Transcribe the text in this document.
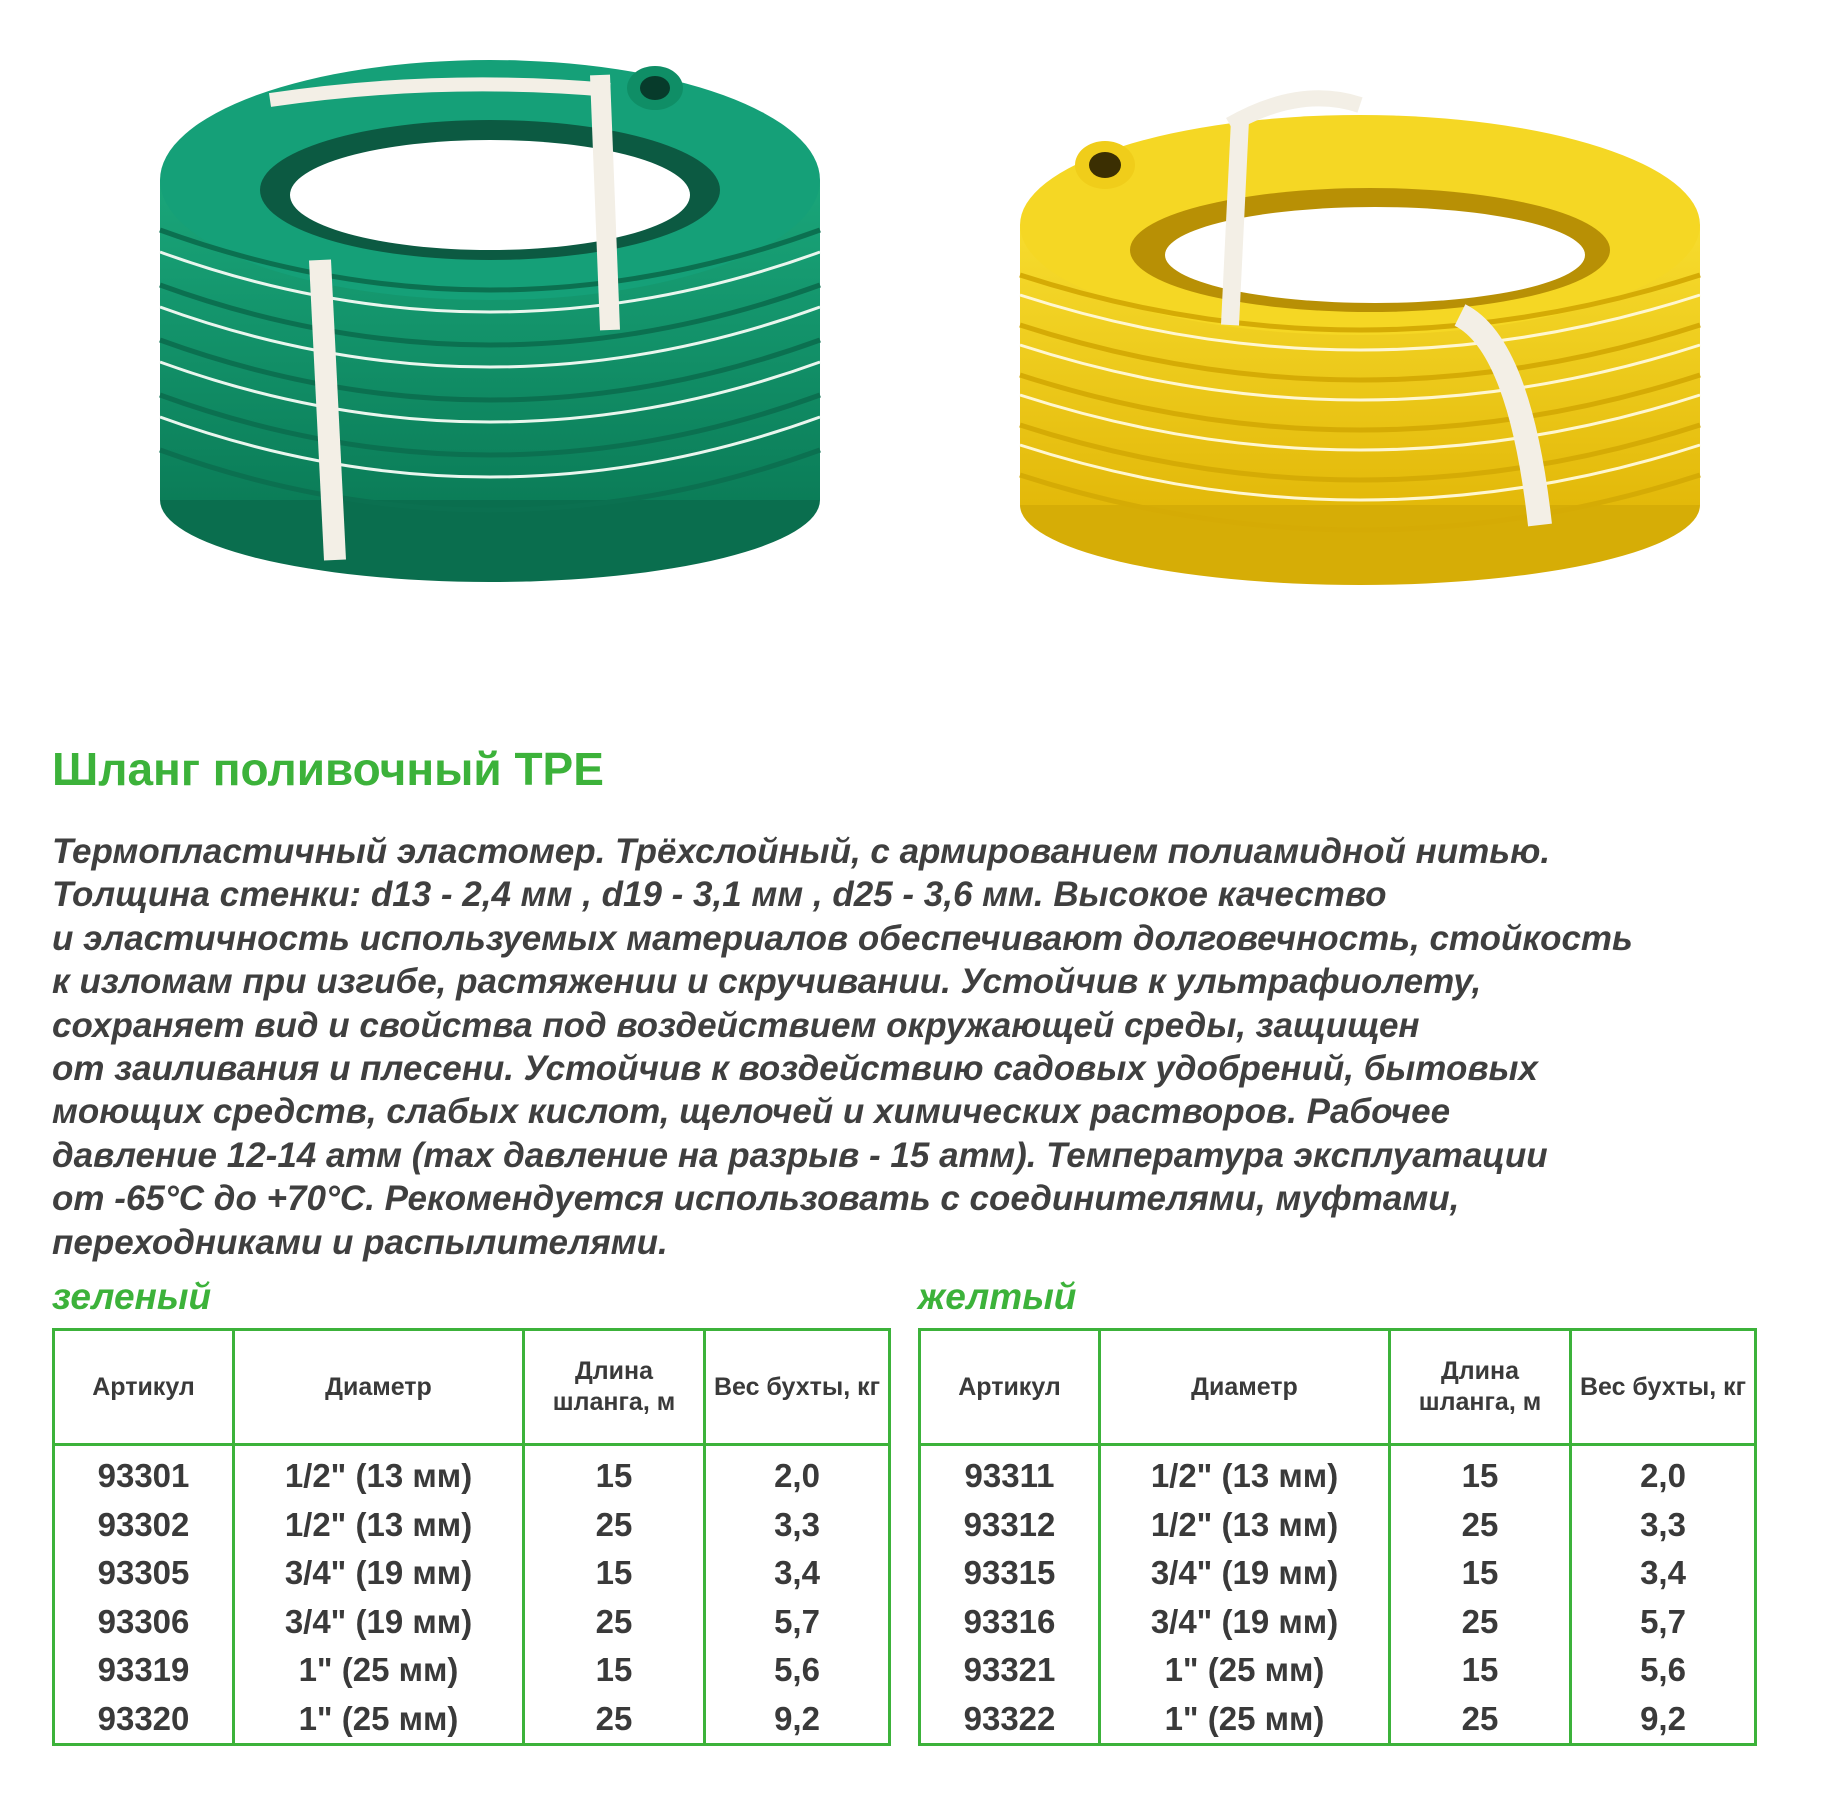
Шланг поливочный TPE
Термопластичный эластомер. Трёхслойный, с армированием полиамидной нитью.
Толщина стенки: d13 - 2,4 мм , d19 - 3,1 мм , d25 - 3,6 мм. Высокое качество
и эластичность используемых материалов обеспечивают долговечность, стойкость
к изломам при изгибе, растяжении и скручивании. Устойчив к ультрафиолету,
сохраняет вид и свойства под воздействием окружающей среды, защищен
от заиливания и плесени. Устойчив к воздействию садовых удобрений, бытовых
моющих средств, слабых кислот, щелочей и химических растворов. Рабочее
давление 12-14 атм (max давление на разрыв - 15 атм). Температура эксплуатации
от -65°С до +70°С. Рекомендуется использовать с соединителями, муфтами,
переходниками и распылителями.
зеленый	желтый
Артикул	Диаметр	Длина шланга, м	Вес бухты, кг
93301	1/2" (13 мм)	15	2,0
93302	1/2" (13 мм)	25	3,3
93305	3/4" (19 мм)	15	3,4
93306	3/4" (19 мм)	25	5,7
93319	1" (25 мм)	15	5,6
93320	1" (25 мм)	25	9,2
Артикул	Диаметр	Длина шланга, м	Вес бухты, кг
93311	1/2" (13 мм)	15	2,0
93312	1/2" (13 мм)	25	3,3
93315	3/4" (19 мм)	15	3,4
93316	3/4" (19 мм)	25	5,7
93321	1" (25 мм)	15	5,6
93322	1" (25 мм)	25	9,2
